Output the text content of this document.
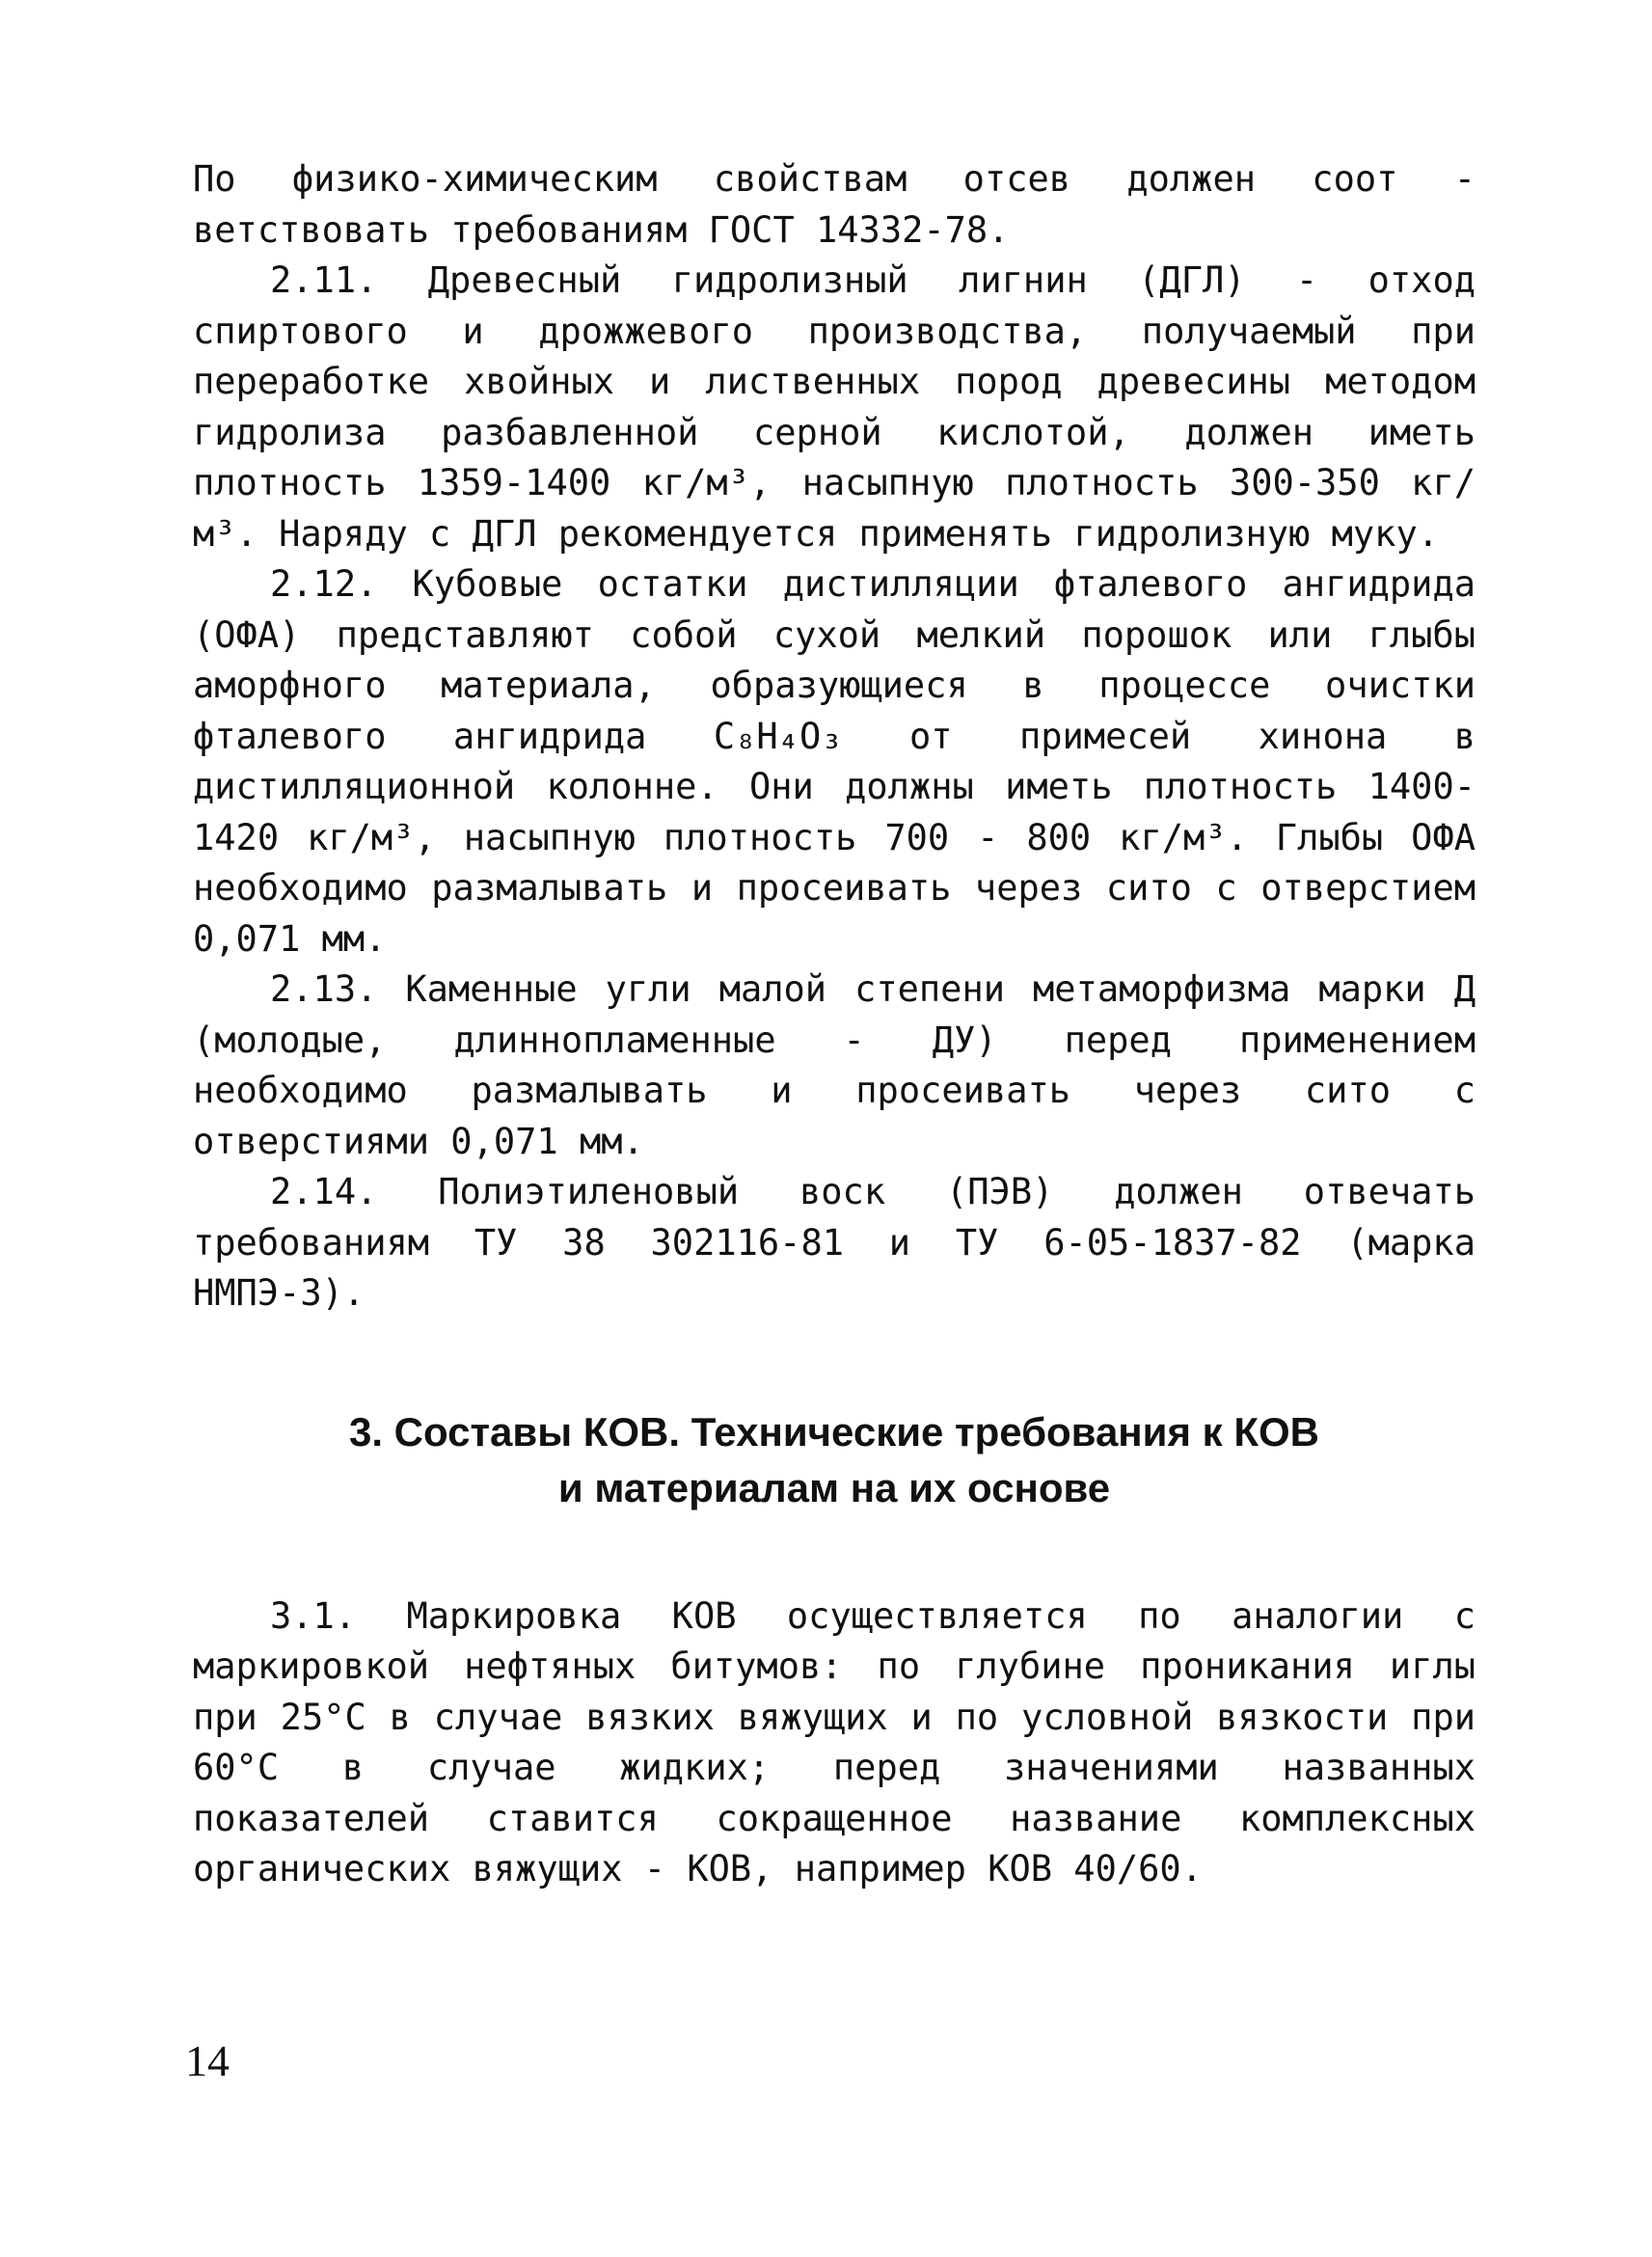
По физико-химическим свойствам отсев должен соот - ветствовать требованиям ГОСТ 14332-78.

2.11. Древесный гидролизный лигнин (ДГЛ) - отход спиртового и дрожжевого производства, получаемый при переработке хвойных и лиственных пород древесины методом гидролиза разбавленной серной кислотой, должен иметь плотность 1359-1400 кг/м³, насыпную плотность 300-350 кг/м³. Наряду с ДГЛ рекомендуется применять гидролизную муку.

2.12. Кубовые остатки дистилляции фталевого ангидрида (ОФА) представляют собой сухой мелкий порошок или глыбы аморфного материала, образующиеся в процессе очистки фталевого ангидрида C₈H₄O₃ от примесей хинона в дистилляционной колонне. Они должны иметь плотность 1400-1420 кг/м³, насыпную плотность 700 - 800 кг/м³. Глыбы ОФА необходимо размалывать и просеивать через сито с отверстием 0,071 мм.

2.13. Каменные угли малой степени метаморфизма марки Д (молодые, длиннопламенные - ДУ) перед применением необходимо размалывать и просеивать через сито с отверстиями 0,071 мм.

2.14. Полиэтиленовый воск (ПЭВ) должен отвечать требованиям ТУ 38 302116-81 и ТУ 6-05-1837-82 (марка НМПЭ-3).

3. Составы КОВ. Технические требования к КОВ
и материалам на их основе

3.1. Маркировка КОВ осуществляется по аналогии с маркировкой нефтяных битумов: по глубине проникания иглы при 25°С в случае вязких вяжущих и по условной вязкости при 60°С в случае жидких; перед значениями названных показателей ставится сокращенное название комплексных органических вяжущих - КОВ, например КОВ 40/60.

14
